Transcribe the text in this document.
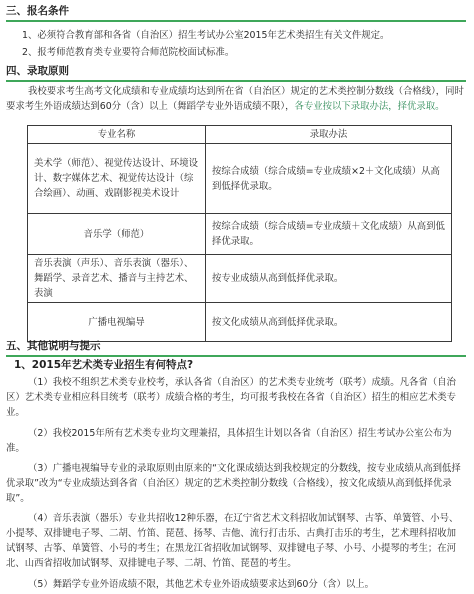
三、报名条件
1、必须符合教育部和各省（自治区）招生考试办公室2015年艺术类招生有关文件规定。
2、报考师范教育类专业要符合师范院校面试标准。
四、录取原则
我校要求考生高考文化成绩和专业成绩均达到所在省（自治区）规定的艺术类控制分数线（合格线），同时要求考生外语成绩达到60分（含）以上（舞蹈学专业外语成绩不限），各专业按以下录取办法，择优录取。
专业名称	录取办法
美术学（师范）、视觉传达设计、环境设计、数字媒体艺术、视觉传达设计（综合绘画）、动画、戏剧影视美术设计	按综合成绩（综合成绩=专业成绩×2＋文化成绩）从高到低择优录取。
音乐学（师范）	按综合成绩（综合成绩=专业成绩＋文化成绩）从高到低择优录取。
音乐表演（声乐）、音乐表演（器乐）、舞蹈学、录音艺术、播音与主持艺术、表演	按专业成绩从高到低择优录取。
广播电视编导	按文化成绩从高到低择优录取。
五、其他说明与提示
1、2015年艺术类专业招生有何特点?
（1）我校不组织艺术类专业校考，承认各省（自治区）的艺术类专业统考（联考）成绩。凡各省（自治区）艺术类专业相应科目统考（联考）成绩合格的考生，均可报考我校在各省（自治区）招生的相应艺术类专业。
（2）我校2015年所有艺术类专业均文理兼招，具体招生计划以各省（自治区）招生考试办公室公布为准。
（3）广播电视编导专业的录取原则由原来的“文化课成绩达到我校规定的分数线，按专业成绩从高到低择优录取”改为“专业成绩达到各省（自治区）规定的艺术类控制分数线（合格线），按文化成绩从高到低择优录取”。
（4）音乐表演（器乐）专业共招收12种乐器，在辽宁省艺术文科招收加试钢琴、古筝、单簧管、小号、小提琴、双排键电子琴、二胡、竹笛、琵琶、扬琴、吉他、流行打击乐、古典打击乐的考生，艺术理科招收加试钢琴、古筝、单簧管、小号的考生；在黑龙江省招收加试钢琴、双排键电子琴、小号、小提琴的考生；在河北、山西省招收加试钢琴、双排键电子琴、二胡、竹笛、琵琶的考生。
（5）舞蹈学专业外语成绩不限，其他艺术专业外语成绩要求达到60分（含）以上。
